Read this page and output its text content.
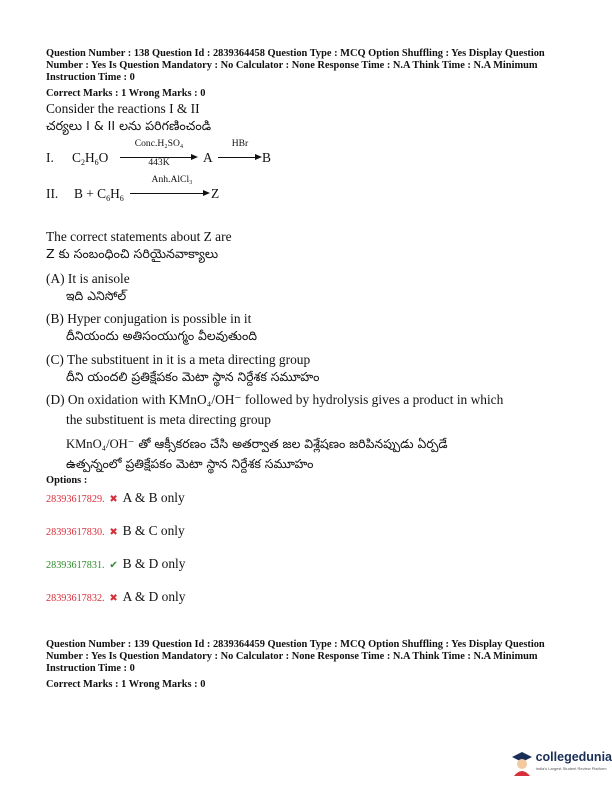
Question Number : 138 Question Id : 2839364458 Question Type : MCQ Option Shuffling : Yes Display Question
Number : Yes Is Question Mandatory : No Calculator : None Response Time : N.A Think Time : N.A Minimum
Instruction Time : 0
Correct Marks : 1 Wrong Marks : 0
Consider the reactions I & II
చర్యలు I & II లను పరిగణించండి
I. $C_2H_6O$
Conc.H₂SO₄
443K	A
HBr
B
II. $B + C_6H_6$
Anh.AlCl₃
Z
The correct statements about Z are
Z కు సంబంధించి సరియైనవాక్యాలు
(A) It is anisole
ఇది ఎనిసోల్
(B) Hyper conjugation is possible in it
దీనియందు అతిసంయుగ్మం వీలవుతుంది
(C) The substituent in it is a meta directing group
దీని యందలి ప్రతిక్షేపకం మెటా స్థాన నిర్దేశక సమూహం
(D) On oxidation with KMnO₄/OH⁻ followed by hydrolysis gives a product in which
the substituent is meta directing group
KMnO₄/OH⁻ తో ఆక్సీకరణం చేసి అతర్వాత జల విశ్లేషణం జరిపినప్పుడు ఏర్పడే
ఉత్పన్నంలో ప్రతిక్షేపకం మెటా స్థాన నిర్దేశక సమూహం
Options :
28393617829. ✖ A & B only
28393617830. ✖ B & C only
28393617831. ✔ B & D only
28393617832. ✖ A & D only
Question Number : 139 Question Id : 2839364459 Question Type : MCQ Option Shuffling : Yes Display Question
Number : Yes Is Question Mandatory : No Calculator : None Response Time : N.A Think Time : N.A Minimum
Instruction Time : 0
Correct Marks : 1 Wrong Marks : 0
collegedunia
India's Largest Student Review Platform
